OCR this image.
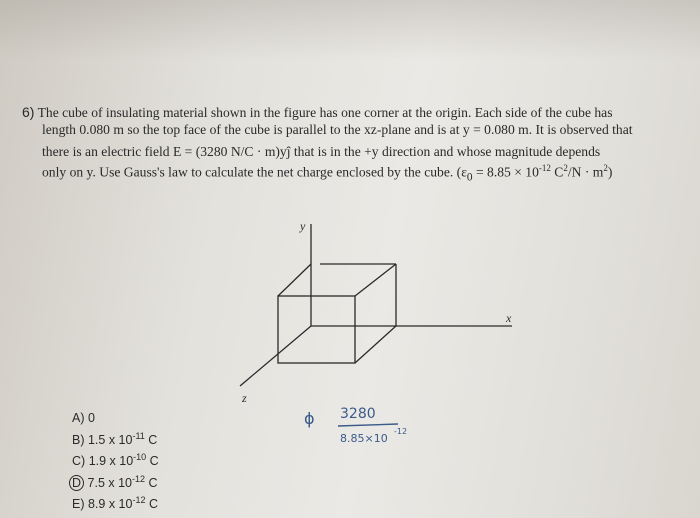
6) The cube of insulating material shown in the figure has one corner at the origin. Each side of the cube has
length 0.080 m so the top face of the cube is parallel to the xz-plane and is at y = 0.080 m. It is observed that
there is an electric field E = (3280 N/C · m)yĵ that is in the +y direction and whose magnitude depends
only on y. Use Gauss's law to calculate the net charge enclosed by the cube. ($\varepsilon_0 = 8.85 \times 10^{-12}$ $C^2/N \cdot m^2$)
y
x
z
A) 0
B) 1.5 x $10^{-11}$ C
C) 1.9 x $10^{-10}$ C
D 7.5 x $10^{-12}$ C
E) 8.9 x $10^{-12}$ C
ϕ 3280
8.85×10
-12
